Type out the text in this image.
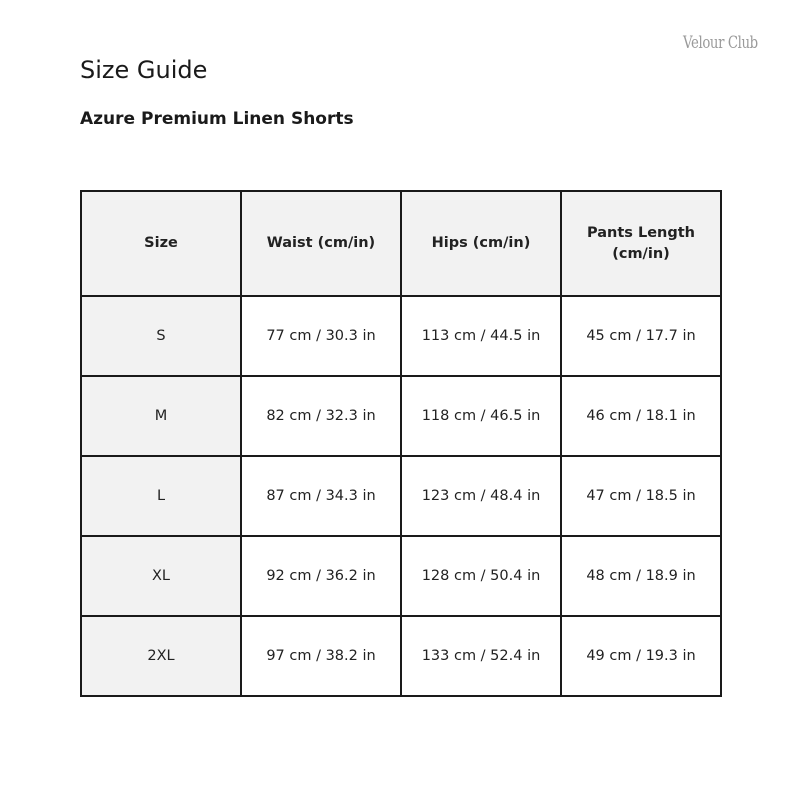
Velour Club
Size Guide
Azure Premium Linen Shorts
Size	Waist (cm/in)	Hips (cm/in)	Pants Length (cm/in)
S	77 cm / 30.3 in	113 cm / 44.5 in	45 cm / 17.7 in
M	82 cm / 32.3 in	118 cm / 46.5 in	46 cm / 18.1 in
L	87 cm / 34.3 in	123 cm / 48.4 in	47 cm / 18.5 in
XL	92 cm / 36.2 in	128 cm / 50.4 in	48 cm / 18.9 in
2XL	97 cm / 38.2 in	133 cm / 52.4 in	49 cm / 19.3 in
